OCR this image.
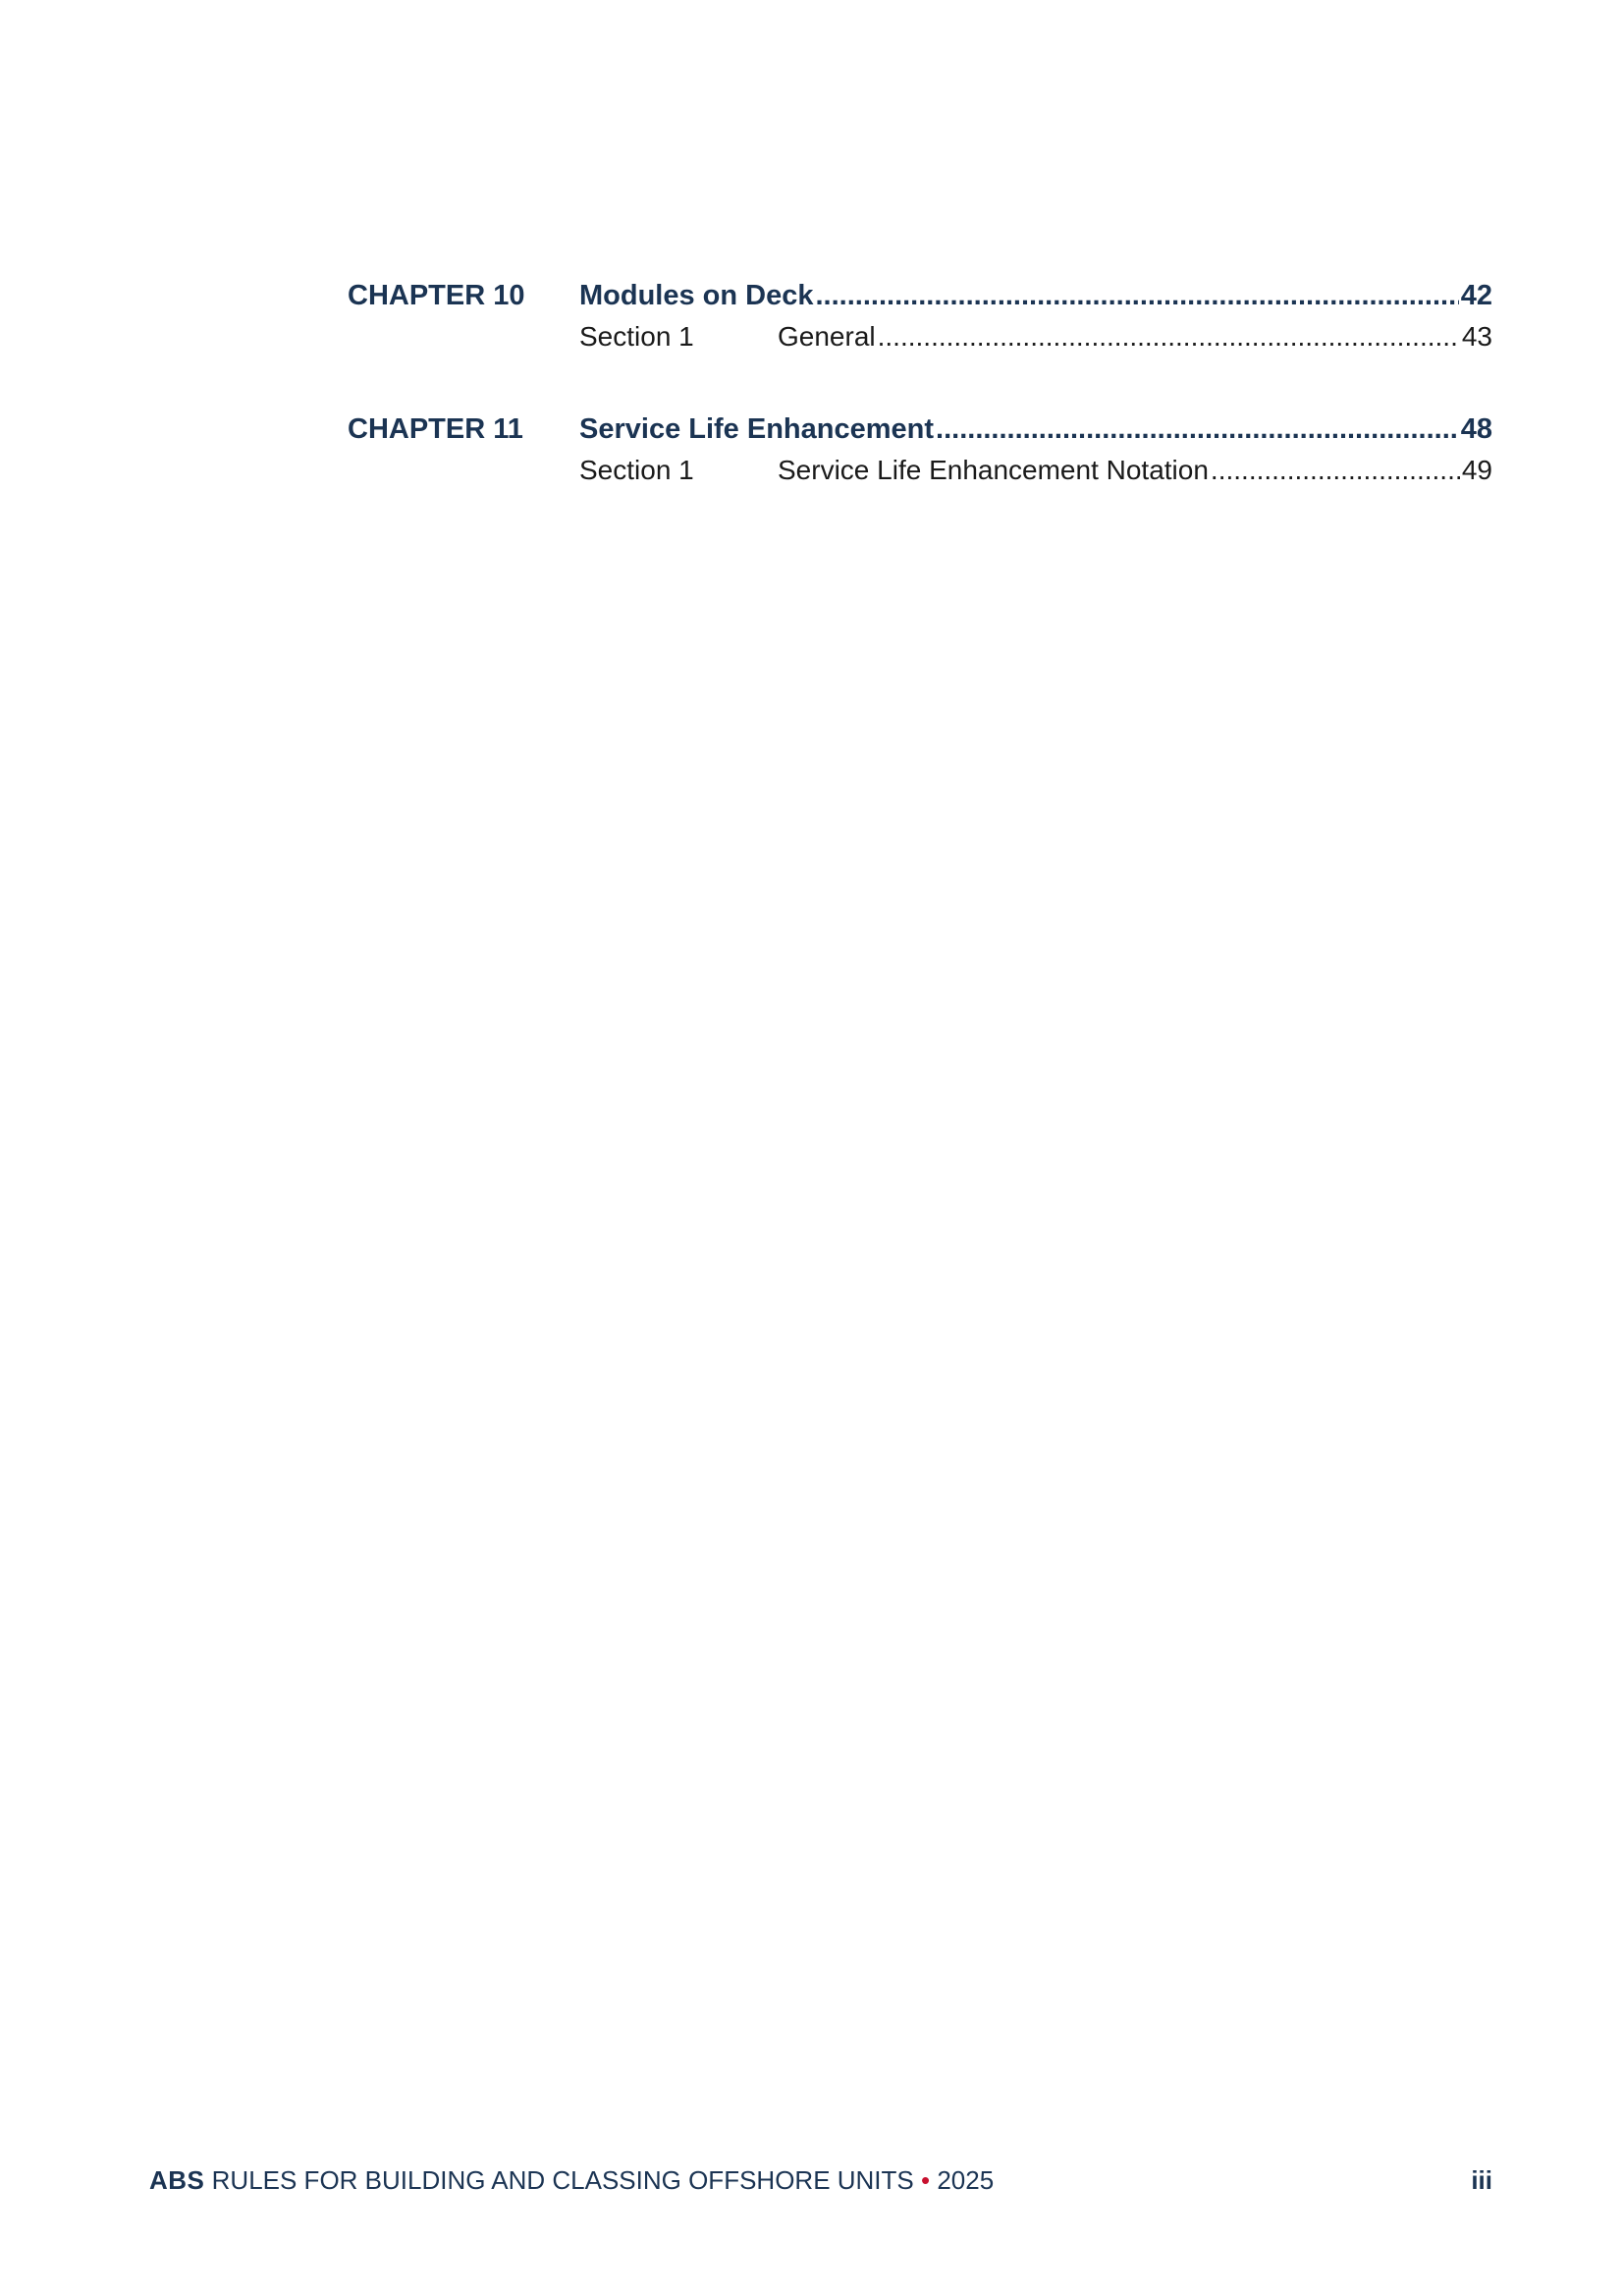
CHAPTER 10	Modules on Deck .....	42
Section 1	General .....	43
CHAPTER 11	Service Life Enhancement .....	48
Section 1	Service Life Enhancement Notation .....	49
ABS RULES FOR BUILDING AND CLASSING OFFSHORE UNITS • 2025	iii
